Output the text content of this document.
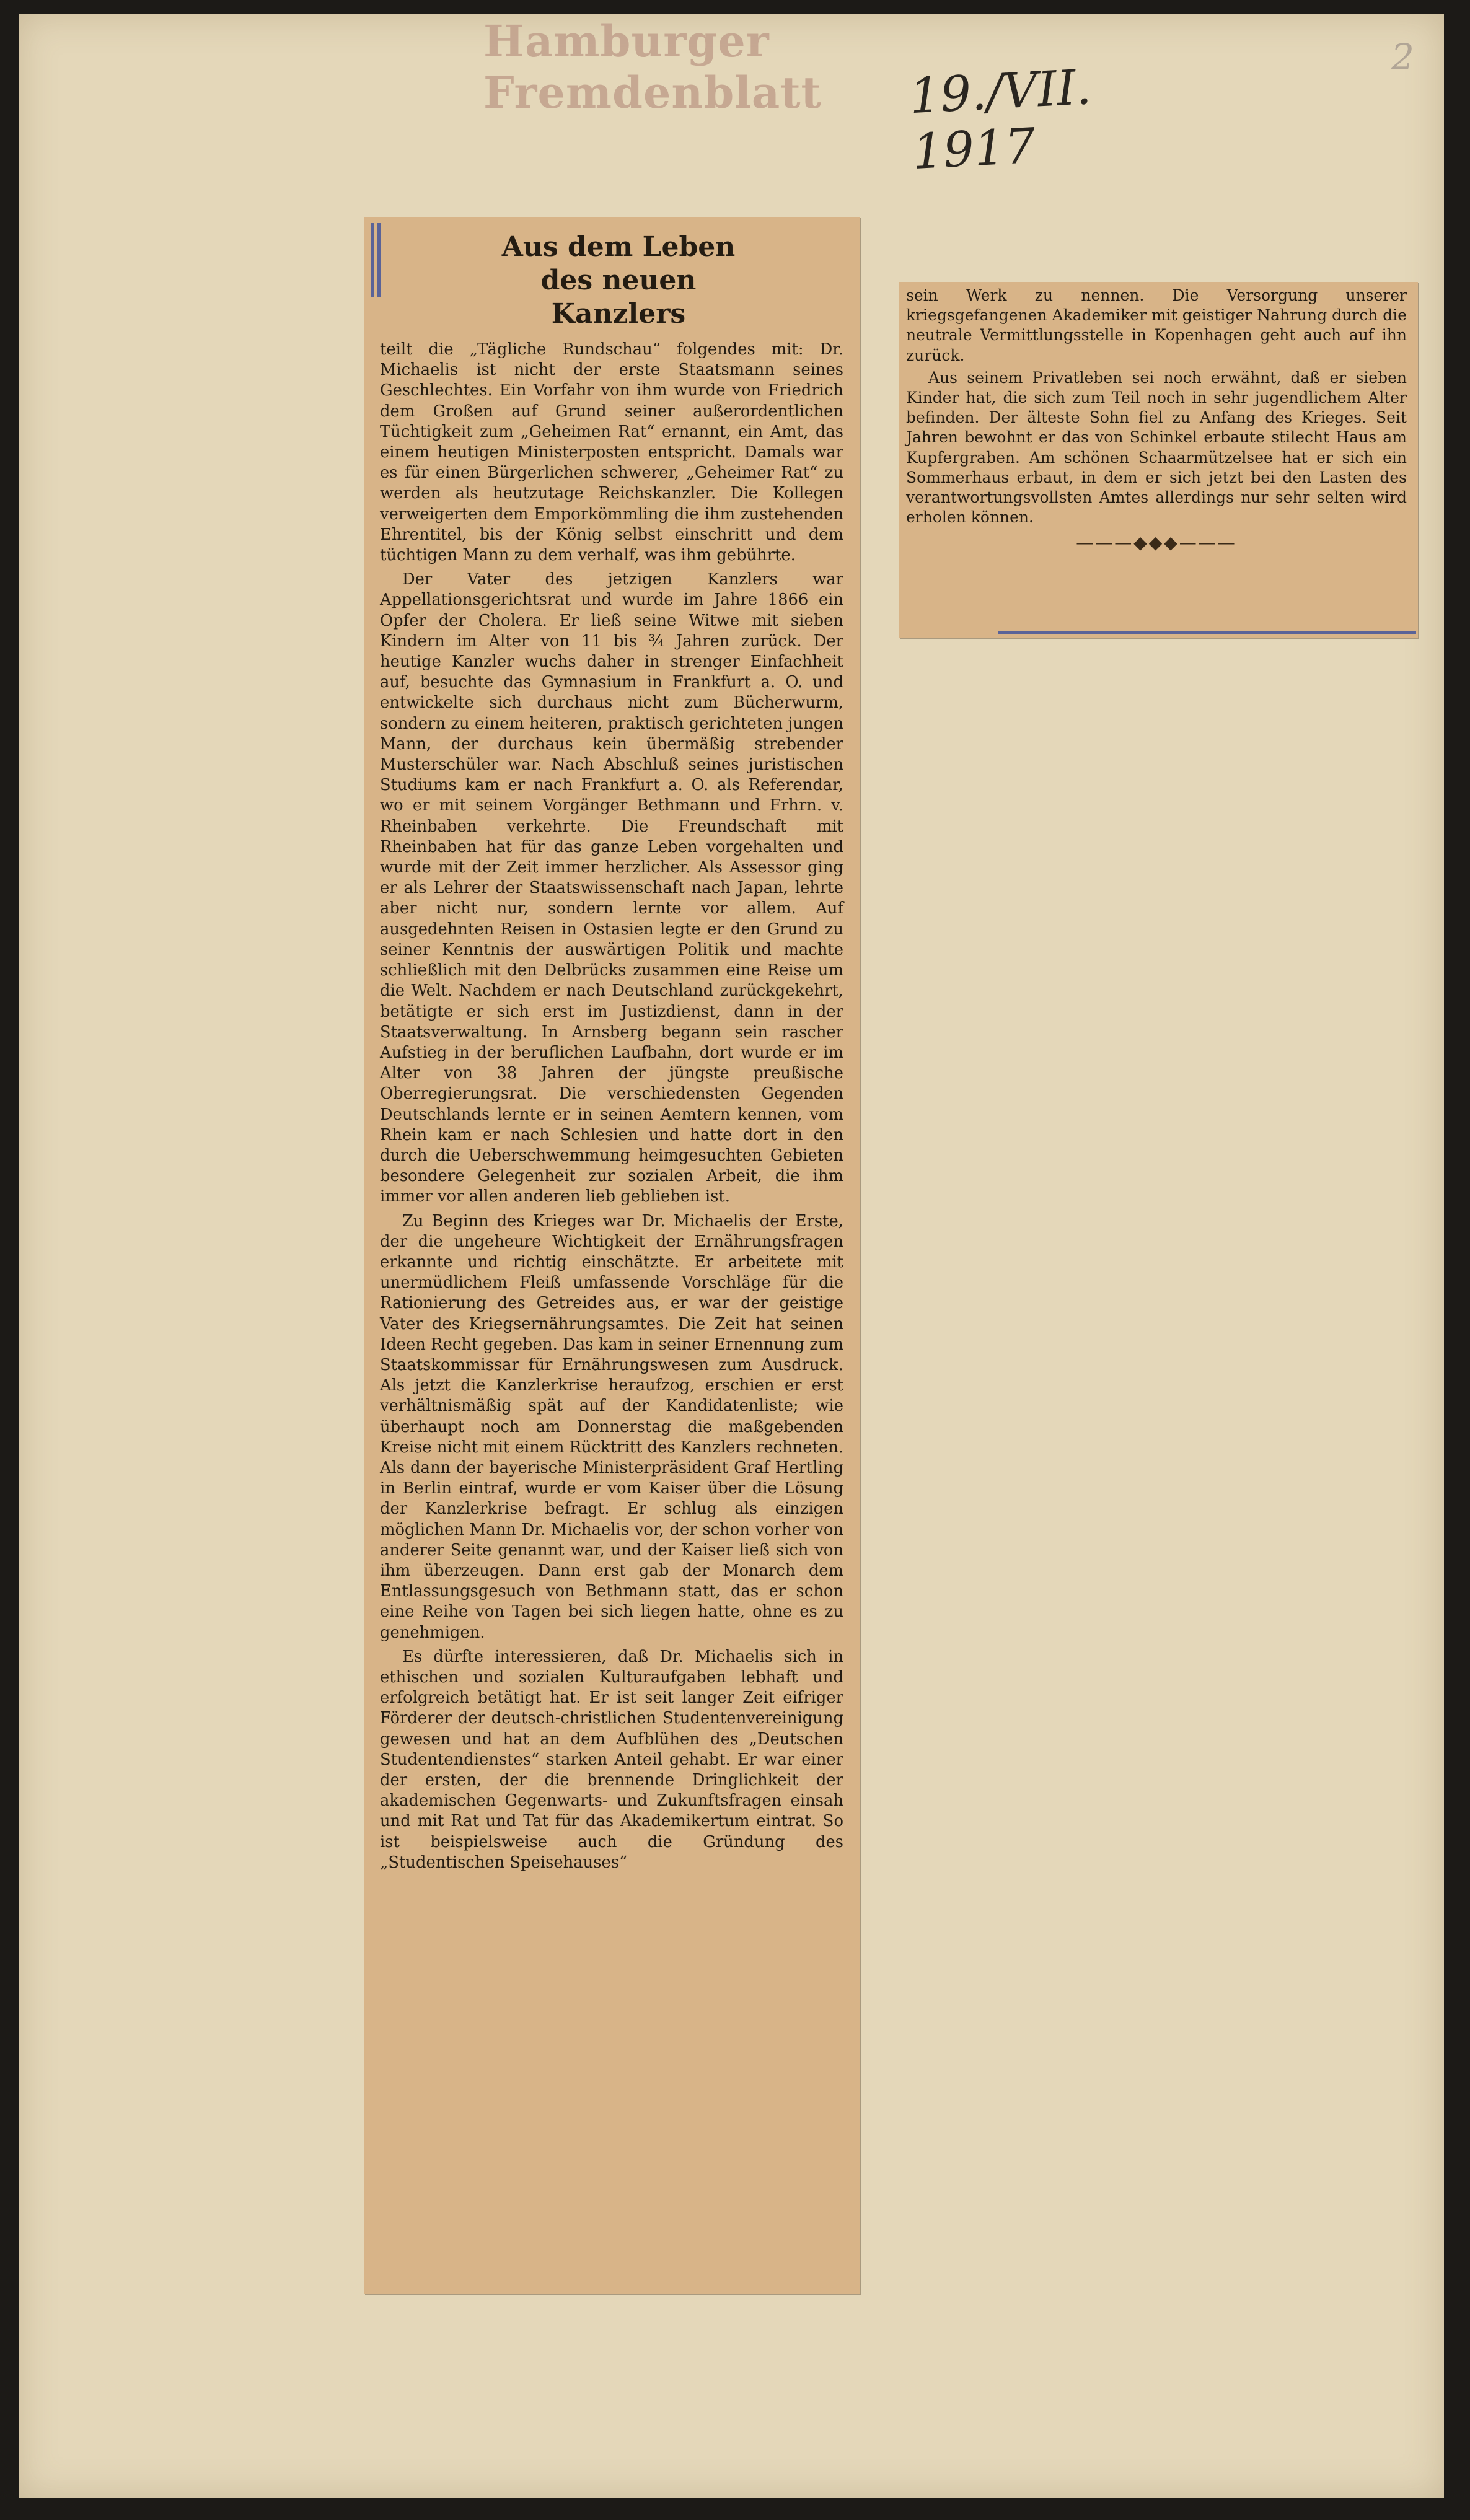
Hamburger Fremdenblatt	19./VII. 1917
2
Aus dem Leben
des neuen Kanzlers

teilt die „Tägliche Rundschau“ folgendes mit: Dr. Michaelis ist nicht der erste Staatsmann seines Geschlechtes. Ein Vorfahr von ihm wurde von Friedrich dem Großen auf Grund seiner außerordentlichen Tüchtigkeit zum „Geheimen Rat“ ernannt, ein Amt, das einem heutigen Ministerposten entspricht. Damals war es für einen Bürgerlichen schwerer, „Geheimer Rat“ zu werden als heutzutage Reichskanzler. Die Kollegen verweigerten dem Emporkömmling die ihm zustehenden Ehrentitel, bis der König selbst einschritt und dem tüchtigen Mann zu dem verhalf, was ihm gebührte.

Der Vater des jetzigen Kanzlers war Appellationsgerichtsrat und wurde im Jahre 1866 ein Opfer der Cholera. Er ließ seine Witwe mit sieben Kindern im Alter von 11 bis ¾ Jahren zurück. Der heutige Kanzler wuchs daher in strenger Einfachheit auf, besuchte das Gymnasium in Frankfurt a. O. und entwickelte sich durchaus nicht zum Bücherwurm, sondern zu einem heiteren, praktisch gerichteten jungen Mann, der durchaus kein übermäßig strebender Musterschüler war. Nach Abschluß seines juristischen Studiums kam er nach Frankfurt a. O. als Referendar, wo er mit seinem Vorgänger Bethmann und Frhrn. v. Rheinbaben verkehrte. Die Freundschaft mit Rheinbaben hat für das ganze Leben vorgehalten und wurde mit der Zeit immer herzlicher. Als Assessor ging er als Lehrer der Staatswissenschaft nach Japan, lehrte aber nicht nur, sondern lernte vor allem. Auf ausgedehnten Reisen in Ostasien legte er den Grund zu seiner Kenntnis der auswärtigen Politik und machte schließlich mit den Delbrücks zusammen eine Reise um die Welt. Nachdem er nach Deutschland zurückgekehrt, betätigte er sich erst im Justizdienst, dann in der Staatsverwaltung. In Arnsberg begann sein rascher Aufstieg in der beruflichen Laufbahn, dort wurde er im Alter von 38 Jahren der jüngste preußische Oberregierungsrat. Die verschiedensten Gegenden Deutschlands lernte er in seinen Aemtern kennen, vom Rhein kam er nach Schlesien und hatte dort in den durch die Ueberschwemmung heimgesuchten Gebieten besondere Gelegenheit zur sozialen Arbeit, die ihm immer vor allen anderen lieb geblieben ist.

Zu Beginn des Krieges war Dr. Michaelis der Erste, der die ungeheure Wichtigkeit der Ernährungsfragen erkannte und richtig einschätzte. Er arbeitete mit unermüdlichem Fleiß umfassende Vorschläge für die Rationierung des Getreides aus, er war der geistige Vater des Kriegsernährungsamtes. Die Zeit hat seinen Ideen Recht gegeben. Das kam in seiner Ernennung zum Staatskommissar für Ernährungswesen zum Ausdruck. Als jetzt die Kanzlerkrise heraufzog, erschien er erst verhältnismäßig spät auf der Kandidatenliste; wie überhaupt noch am Donnerstag die maßgebenden Kreise nicht mit einem Rücktritt des Kanzlers rechneten. Als dann der bayerische Ministerpräsident Graf Hertling in Berlin eintraf, wurde er vom Kaiser über die Lösung der Kanzlerkrise befragt. Er schlug als einzigen möglichen Mann Dr. Michaelis vor, der schon vorher von anderer Seite genannt war, und der Kaiser ließ sich von ihm überzeugen. Dann erst gab der Monarch dem Entlassungsgesuch von Bethmann statt, das er schon eine Reihe von Tagen bei sich liegen hatte, ohne es zu genehmigen.

Es dürfte interessieren, daß Dr. Michaelis sich in ethischen und sozialen Kulturaufgaben lebhaft und erfolgreich betätigt hat. Er ist seit langer Zeit eifriger Förderer der deutsch-christlichen Studentenvereinigung gewesen und hat an dem Aufblühen des „Deutschen Studentendienstes“ starken Anteil gehabt. Er war einer der ersten, der die brennende Dringlichkeit der akademischen Gegenwarts- und Zukunftsfragen einsah und mit Rat und Tat für das Akademikertum eintrat. So ist beispielsweise auch die Gründung des „Studentischen Speisehauses“

sein Werk zu nennen. Die Versorgung unserer kriegsgefangenen Akademiker mit geistiger Nahrung durch die neutrale Vermittlungsstelle in Kopenhagen geht auch auf ihn zurück.

Aus seinem Privatleben sei noch erwähnt, daß er sieben Kinder hat, die sich zum Teil noch in sehr jugendlichem Alter befinden. Der älteste Sohn fiel zu Anfang des Krieges. Seit Jahren bewohnt er das von Schinkel erbaute stilecht Haus am Kupfergraben. Am schönen Schaarmützelsee hat er sich ein Sommerhaus erbaut, in dem er sich jetzt bei den Lasten des verantwortungsvollsten Amtes allerdings nur sehr selten wird erholen können.

———◆◆◆———
